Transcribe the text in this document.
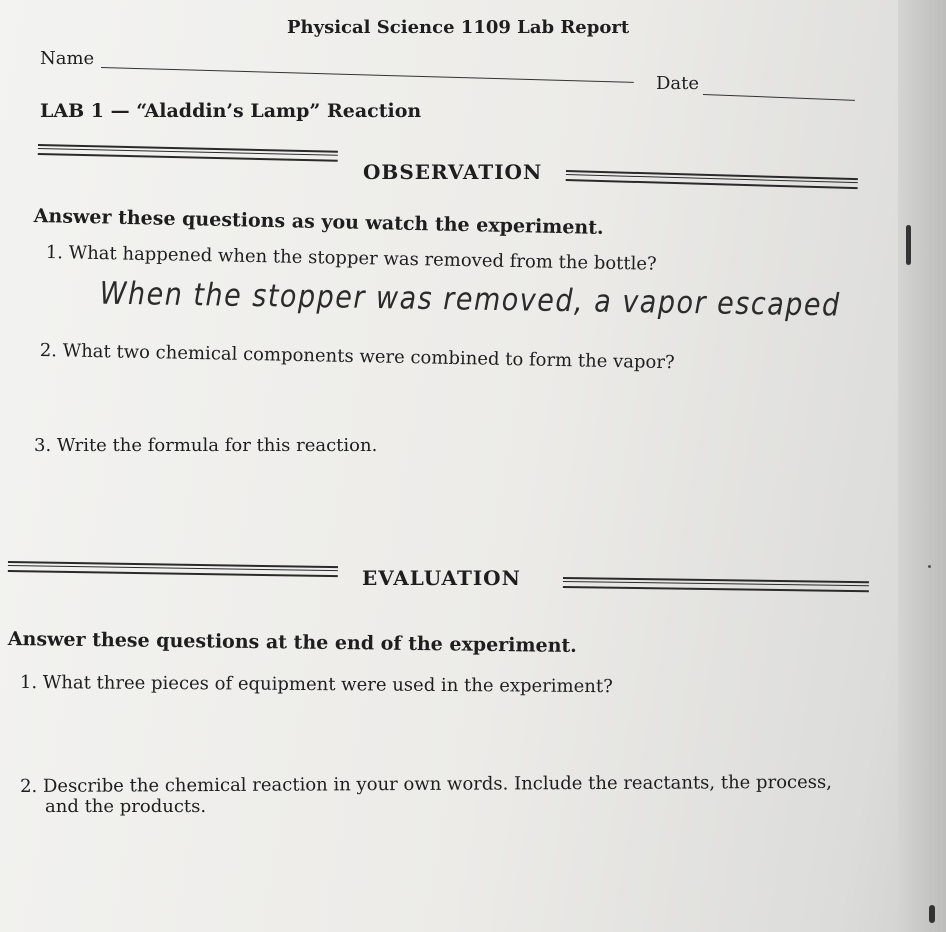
Physical Science 1109 Lab Report
Name
Date
LAB 1 — “Aladdin’s Lamp” Reaction
OBSERVATION
Answer these questions as you watch the experiment.
1. What happened when the stopper was removed from the bottle?
When the stopper was removed, a vapor escaped
2. What two chemical components were combined to form the vapor?
3. Write the formula for this reaction.
EVALUATION
Answer these questions at the end of the experiment.
1. What three pieces of equipment were used in the experiment?
2. Describe the chemical reaction in your own words. Include the reactants, the process,
and the products.
